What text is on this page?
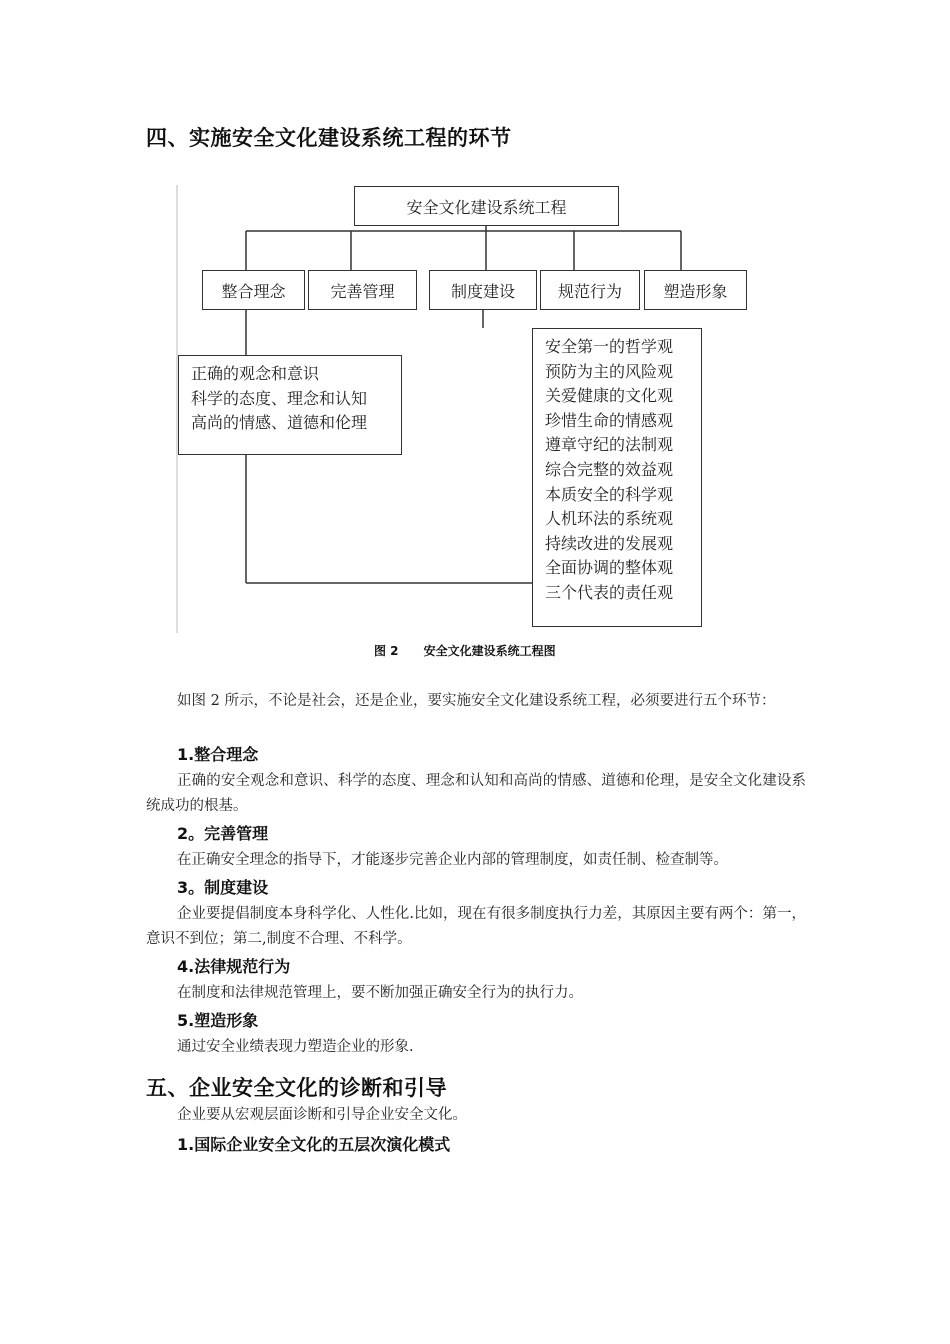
四、实施安全文化建设系统工程的环节
安全文化建设系统工程
整合理念	完善管理	制度建设	规范行为	塑造形象
正确的观念和意识
科学的态度、理念和认知
高尚的情感、道德和伦理
安全第一的哲学观
预防为主的风险观
关爱健康的文化观
珍惜生命的情感观
遵章守纪的法制观
综合完整的效益观
本质安全的科学观
人机环法的系统观
持续改进的发展观
全面协调的整体观
三个代表的责任观
图 2 安全文化建设系统工程图
如图 2 所示，不论是社会，还是企业，要实施安全文化建设系统工程，必须要进行五个环节：
1.整合理念
正确的安全观念和意识、科学的态度、理念和认知和高尚的情感、道德和伦理，是安全文化建设系统成功的根基。
2。完善管理
在正确安全理念的指导下，才能逐步完善企业内部的管理制度，如责任制、检查制等。
3。制度建设
企业要提倡制度本身科学化、人性化.比如，现在有很多制度执行力差，其原因主要有两个：第一，意识不到位；第二,制度不合理、不科学。
4.法律规范行为
在制度和法律规范管理上，要不断加强正确安全行为的执行力。
5.塑造形象
通过安全业绩表现力塑造企业的形象.
五、企业安全文化的诊断和引导
企业要从宏观层面诊断和引导企业安全文化。
1.国际企业安全文化的五层次演化模式
